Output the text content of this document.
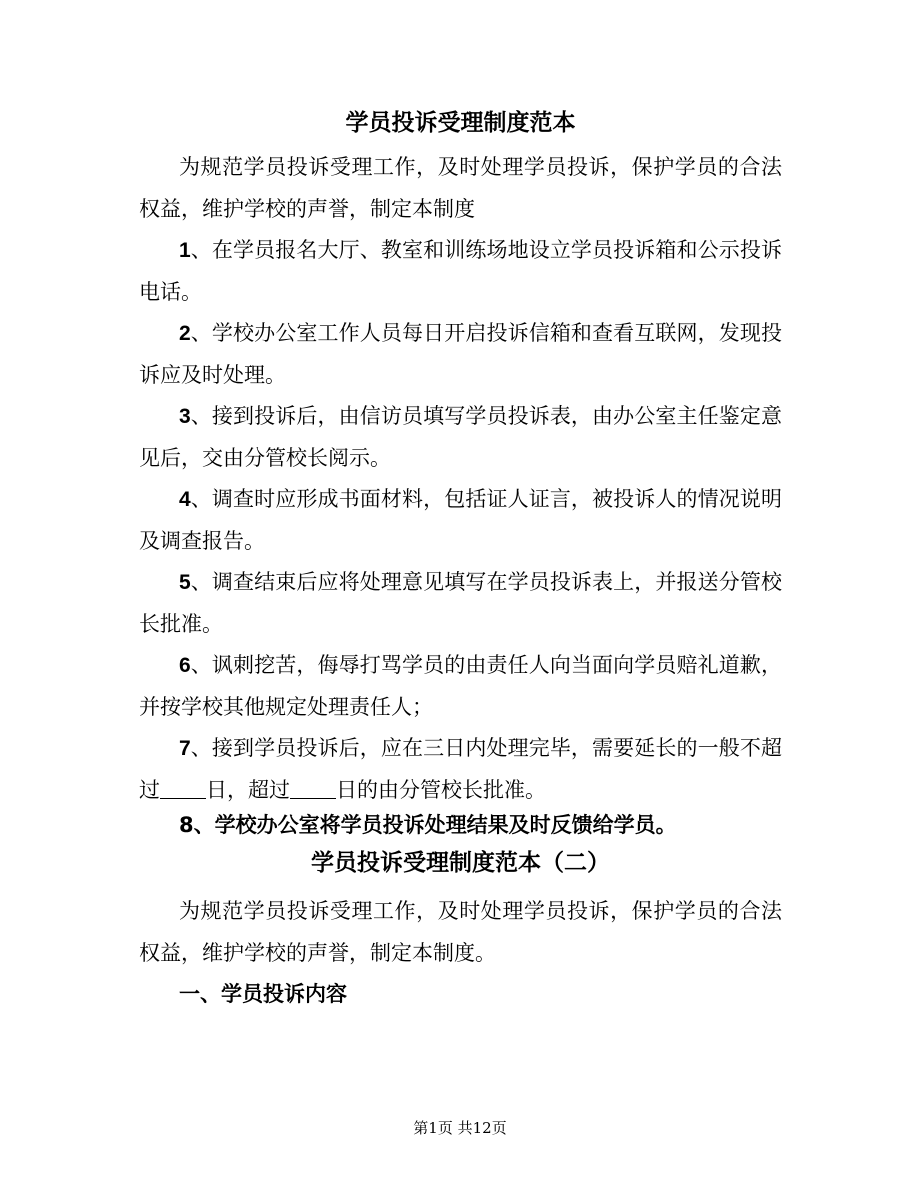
学员投诉受理制度范本
为规范学员投诉受理工作，及时处理学员投诉，保护学员的合法
权益，维护学校的声誉，制定本制度
1、在学员报名大厅、教室和训练场地设立学员投诉箱和公示投诉
电话。
2、学校办公室工作人员每日开启投诉信箱和查看互联网，发现投
诉应及时处理。
3、接到投诉后，由信访员填写学员投诉表，由办公室主任鉴定意
见后，交由分管校长阅示。
4、调查时应形成书面材料，包括证人证言，被投诉人的情况说明
及调查报告。
5、调查结束后应将处理意见填写在学员投诉表上，并报送分管校
长批准。
6、讽刺挖苦，侮辱打骂学员的由责任人向当面向学员赔礼道歉，
并按学校其他规定处理责任人；
7、接到学员投诉后，应在三日内处理完毕，需要延长的一般不超
过 日，超过 日的由分管校长批准。
8、学校办公室将学员投诉处理结果及时反馈给学员。
学员投诉受理制度范本（二）
为规范学员投诉受理工作，及时处理学员投诉，保护学员的合法
权益，维护学校的声誉，制定本制度。
一、学员投诉内容
第1页 共12页
